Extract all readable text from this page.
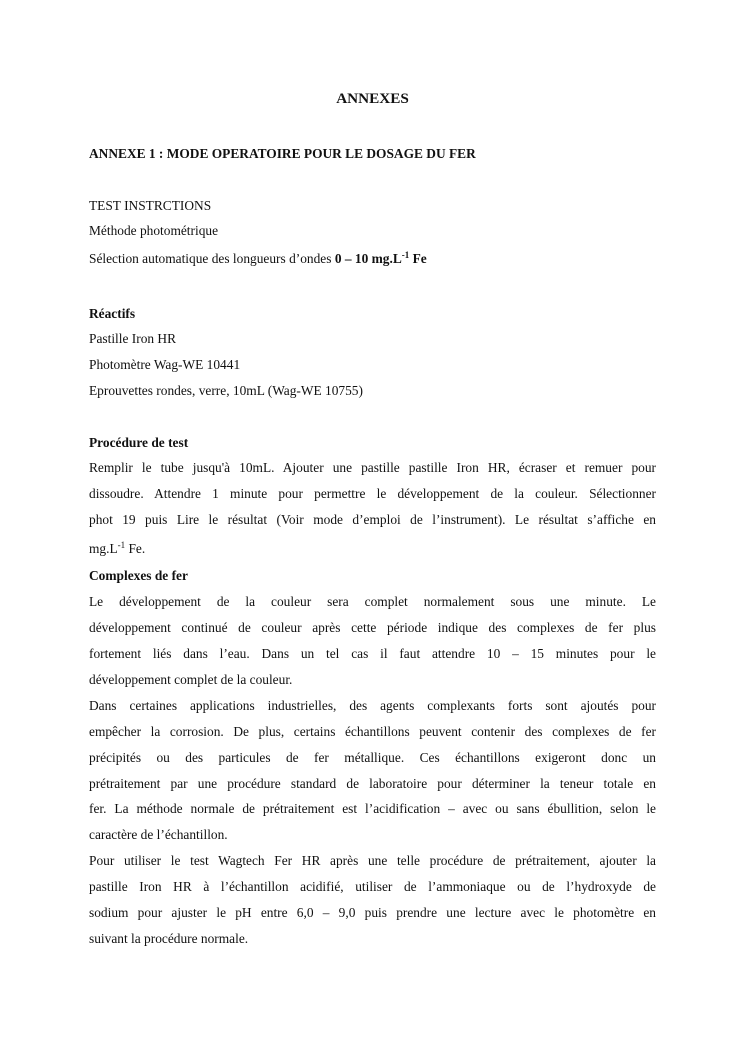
ANNEXES
ANNEXE 1 : MODE OPERATOIRE POUR LE DOSAGE DU FER
TEST INSTRCTIONS
Méthode photométrique
Sélection automatique des longueurs d’ondes 0 – 10 $mg.L^{-1}$ Fe
Réactifs
Pastille Iron HR
Photomètre Wag-WE 10441
Eprouvettes rondes, verre, 10mL (Wag-WE 10755)
Procédure de test
Remplir le tube jusqu'à 10mL. Ajouter une pastille pastille Iron HR, écraser et remuer pour
dissoudre. Attendre 1 minute pour permettre le développement de la couleur. Sélectionner
phot 19 puis Lire le résultat (Voir mode d’emploi de l’instrument). Le résultat s’affiche en
$mg.L^{-1}$ Fe.
Complexes de fer
Le développement de la couleur sera complet normalement sous une minute. Le
développement continué de couleur après cette période indique des complexes de fer plus
fortement liés dans l’eau. Dans un tel cas il faut attendre 10 – 15 minutes pour le
développement complet de la couleur.
Dans certaines applications industrielles, des agents complexants forts sont ajoutés pour
empêcher la corrosion. De plus, certains échantillons peuvent contenir des complexes de fer
précipités ou des particules de fer métallique. Ces échantillons exigeront donc un
prétraitement par une procédure standard de laboratoire pour déterminer la teneur totale en
fer. La méthode normale de prétraitement est l’acidification – avec ou sans ébullition, selon le
caractère de l’échantillon.
Pour utiliser le test Wagtech Fer HR après une telle procédure de prétraitement, ajouter la
pastille Iron HR à l’échantillon acidifié, utiliser de l’ammoniaque ou de l’hydroxyde de
sodium pour ajuster le pH entre 6,0 – 9,0 puis prendre une lecture avec le photomètre en
suivant la procédure normale.
